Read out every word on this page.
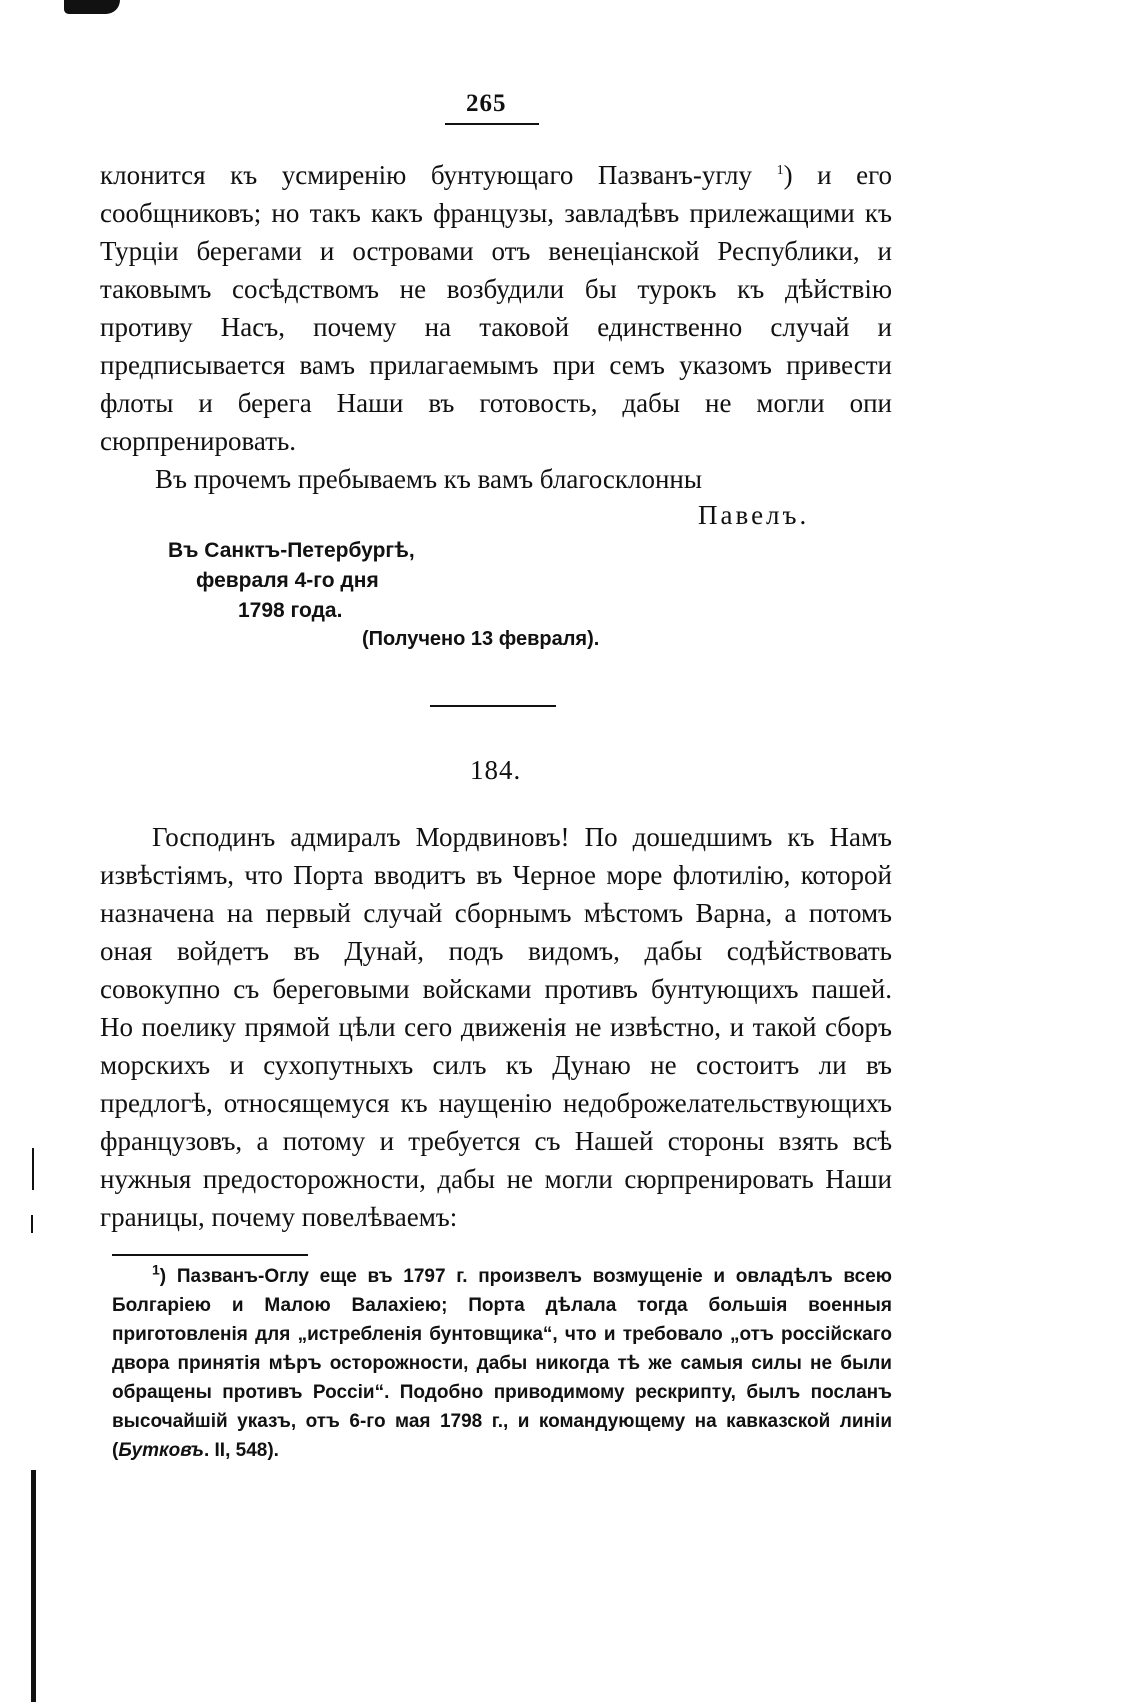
265
клонится къ усмиренію бунтующаго Пазванъ-углу $^1$) и его сообщниковъ; но такъ какъ французы, завладѣвъ прилежащими къ Турціи берегами и островами отъ венеціанской Республики, и таковымъ сосѣдствомъ не возбудили бы турокъ къ дѣйствію противу Насъ, почему на таковой единственно случай и предписывается вамъ прилагаемымъ при семъ указомъ привести флоты и берега Наши въ готовость, дабы не могли опи сюрпренировать.
Въ прочемъ пребываемъ къ вамъ благосклонны
Павелъ.
Въ Санктъ-Петербургѣ,
февраля 4-го дня
1798 года.
(Получено 13 февраля).
184.
Господинъ адмиралъ Мордвиновъ! По дошедшимъ къ Намъ извѣстіямъ, что Порта вводитъ въ Черное море флотилію, которой назначена на первый случай сборнымъ мѣстомъ Варна, а потомъ оная войдетъ въ Дунай, подъ видомъ, дабы содѣйствовать совокупно съ береговыми войсками противъ бунтующихъ пашей. Но поелику прямой цѣли сего движенія не извѣстно, и такой сборъ морскихъ и сухопутныхъ силъ къ Дунаю не состоитъ ли въ предлогѣ, относящемуся къ наущенію недоброжелательствующихъ французовъ, а потому и требуется съ Нашей стороны взять всѣ нужныя предосторожности, дабы не могли сюрпренировать Наши границы, почему повелѣваемъ:
$^1$) Пазванъ-Оглу еще въ 1797 г. произвелъ возмущеніе и овладѣлъ всею Болгаріею и Малою Валахіею; Порта дѣлала тогда большія военныя приготовленія для „истребленія бунтовщика“, что и требовало „отъ россійскаго двора принятія мѣръ осторожности, дабы никогда тѣ же самыя силы не были обращены противъ Россіи“. Подобно приводимому рескрипту, былъ посланъ высочайшій указъ, отъ 6-го мая 1798 г., и командующему на кавказской линіи (Бутковъ. II, 548).
